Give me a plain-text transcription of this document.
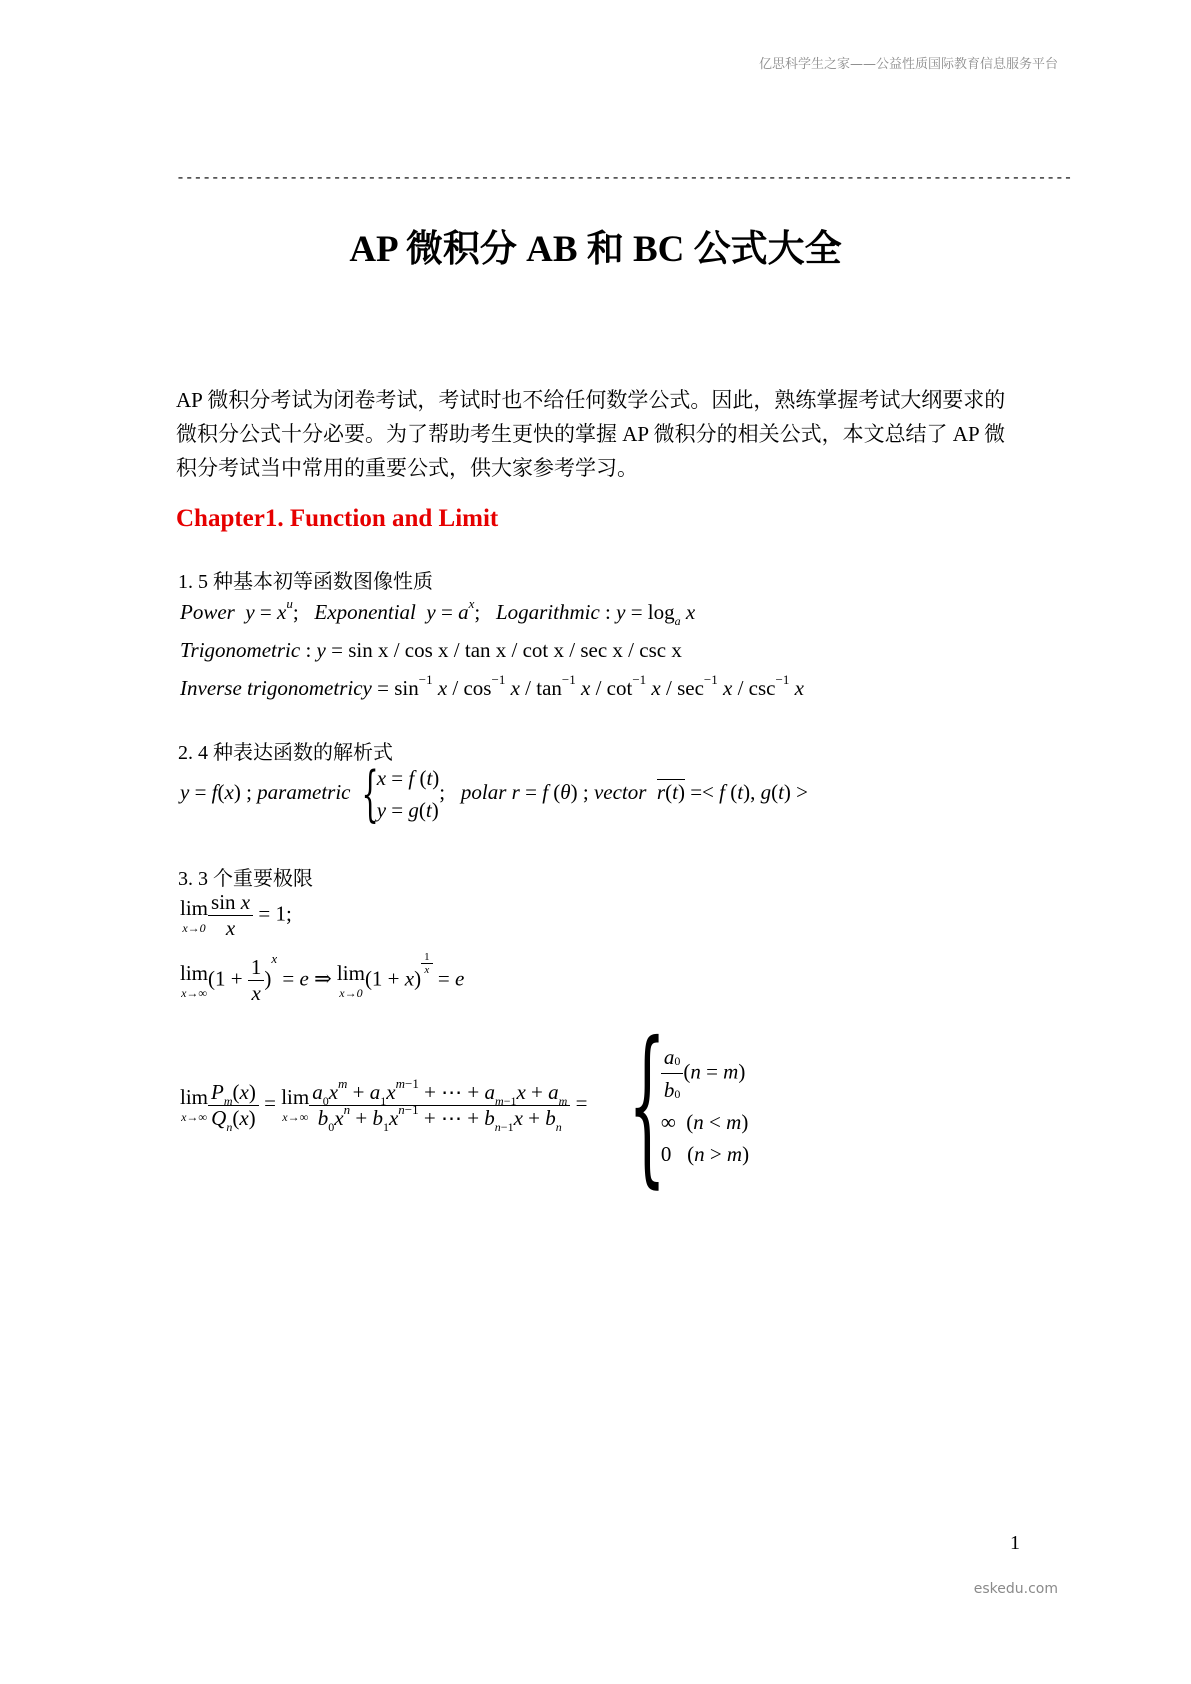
亿思科学生之家——公益性质国际教育信息服务平台
-------------------------------------------------------------------------------------------------------
AP 微积分 AB 和 BC 公式大全
AP 微积分考试为闭卷考试，考试时也不给任何数学公式。因此，熟练掌握考试大纲要求的微积分公式十分必要。为了帮助考生更快的掌握 AP 微积分的相关公式，本文总结了 AP 微积分考试当中常用的重要公式，供大家参考学习。
Chapter1. Function and Limit
1. 5 种基本初等函数图像性质
Power  $y = x^u$;   Exponential  $y = a^x$;   Logarithmic : $y = \log_a x$
Trigonometric : y = sin x / cos x / tan x / cot x / sec x / csc x
Inverse trigonometricy = $\sin^{-1} x / \cos^{-1} x / \tan^{-1} x / \cot^{-1} x / \sec^{-1} x / \csc^{-1} x$
2. 4 种表达函数的解析式
y = f(x) ; parametric {
x = f (t)
y = g(t)
;   polar r = f (θ) ; vector r(t) =< f (t), g(t) >
3. 3 个重要极限
lim
$x\to 0 \frac{\text{sin x}}{x} = 1$;
lim
x→∞
$(1 + \frac{1}{x} )^x = e$ ⇒ lim
x→0
(1 + x)
$^{\frac{1}{x}}$
= e
lim
$x\to\infty \frac{P_m(x)}{Q_n(x)} = \lim$
$x\to\infty \frac{a_0x^m + a_1x^{m-1} + \cdots + a_{m-1}x + a_m}{b_0x^n + b_1x^{n-1} + \cdots + b_{n-1}x + b_n}$ = {
$\frac{a_0}{b_0} (n = m)$
∞  (n < m)
0   (n > m)
1
eskedu.com
